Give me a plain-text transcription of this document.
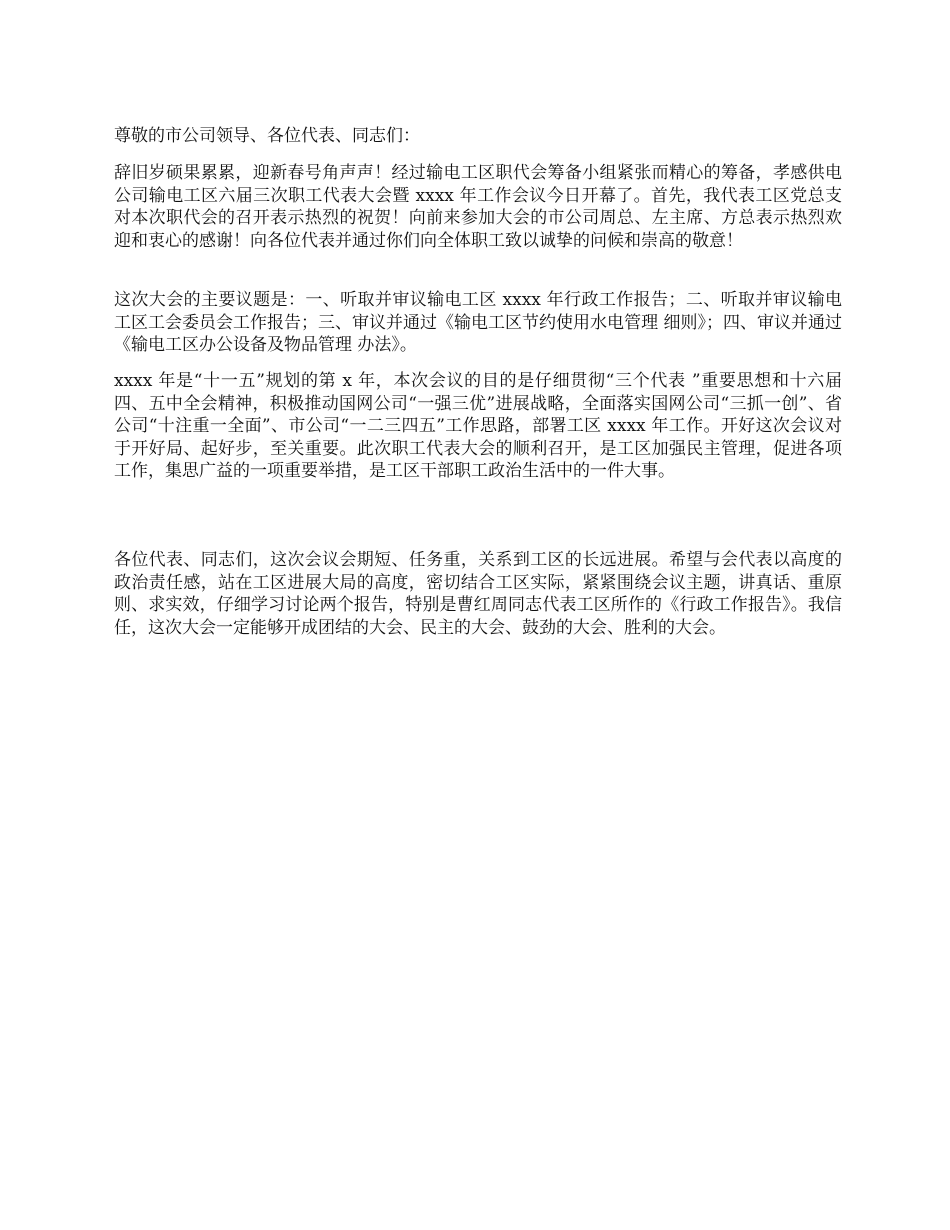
尊敬的市公司领导、各位代表、同志们：

辞旧岁硕果累累，迎新春号角声声！经过输电工区职代会筹备小组紧张而精心的筹备，孝感供电公司输电工区六届三次职工代表大会暨 xxxx 年工作会议今日开幕了。首先，我代表工区党总支对本次职代会的召开表示热烈的祝贺！向前来参加大会的市公司周总、左主席、方总表示热烈欢迎和衷心的感谢！向各位代表并通过你们向全体职工致以诚挚的问候和崇高的敬意！

这次大会的主要议题是：一、听取并审议输电工区 xxxx 年行政工作报告；二、听取并审议输电工区工会委员会工作报告；三、审议并通过《输电工区节约使用水电管理 细则》；四、审议并通过《输电工区办公设备及物品管理 办法》。

xxxx 年是“十一五”规划的第 x 年，本次会议的目的是仔细贯彻“三个代表 ”重要思想和十六届四、五中全会精神，积极推动国网公司“一强三优”进展战略，全面落实国网公司“三抓一创”、省公司“十注重一全面”、市公司“一二三四五”工作思路，部署工区 xxxx 年工作。开好这次会议对于开好局、起好步，至关重要。此次职工代表大会的顺利召开，是工区加强民主管理，促进各项工作，集思广益的一项重要举措，是工区干部职工政治生活中的一件大事。

各位代表、同志们，这次会议会期短、任务重，关系到工区的长远进展。希望与会代表以高度的政治责任感，站在工区进展大局的高度，密切结合工区实际，紧紧围绕会议主题，讲真话、重原则、求实效，仔细学习讨论两个报告，特别是曹红周同志代表工区所作的《行政工作报告》。我信任，这次大会一定能够开成团结的大会、民主的大会、鼓劲的大会、胜利的大会。
